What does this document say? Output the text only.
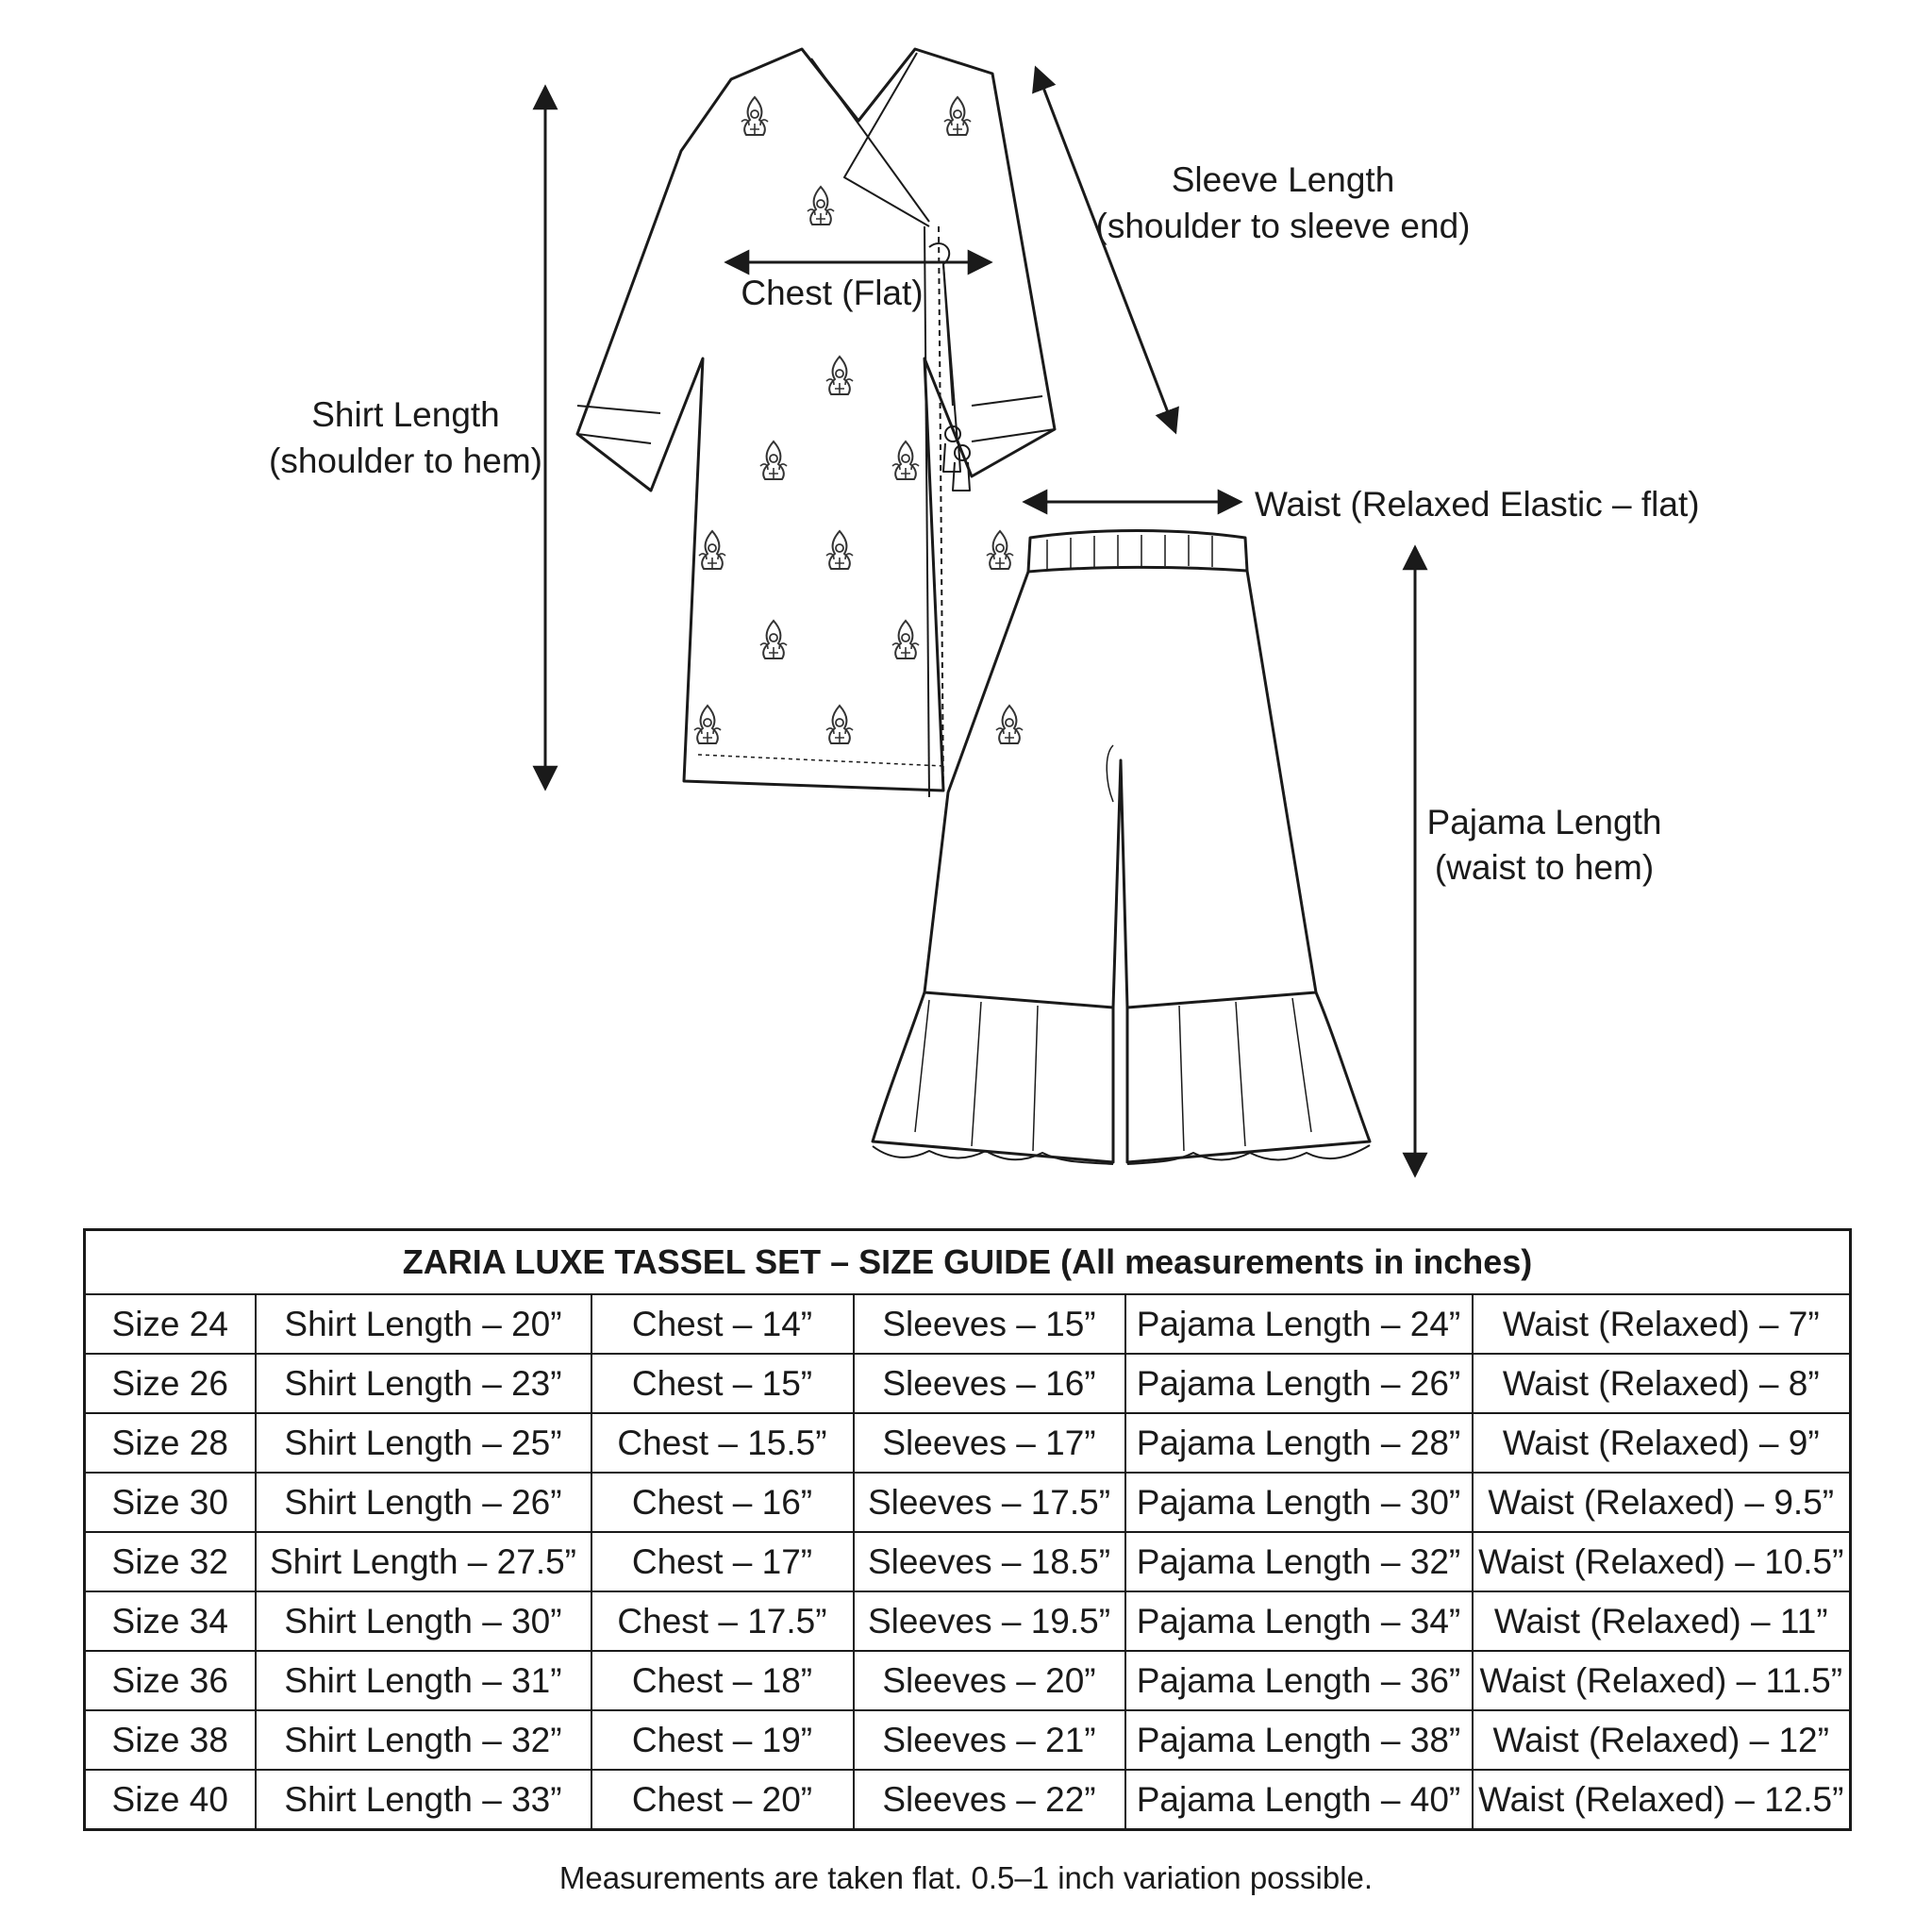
Sleeve Length
(shoulder to sleeve end)
Chest (Flat)
Shirt Length
(shoulder to hem)
Waist (Relaxed Elastic – flat)
Pajama Length
(waist to hem)
ZARIA LUXE TASSEL SET – SIZE GUIDE (All measurements in inches)					
Size 24	Shirt Length – 20”	Chest – 14”	Sleeves – 15”	Pajama Length – 24”	Waist (Relaxed) – 7”
Size 26	Shirt Length – 23”	Chest – 15”	Sleeves – 16”	Pajama Length – 26”	Waist (Relaxed) – 8”
Size 28	Shirt Length – 25”	Chest – 15.5”	Sleeves – 17”	Pajama Length – 28”	Waist (Relaxed) – 9”
Size 30	Shirt Length – 26”	Chest – 16”	Sleeves – 17.5”	Pajama Length – 30”	Waist (Relaxed) – 9.5”
Size 32	Shirt Length – 27.5”	Chest – 17”	Sleeves – 18.5”	Pajama Length – 32”	Waist (Relaxed) – 10.5”
Size 34	Shirt Length – 30”	Chest – 17.5”	Sleeves – 19.5”	Pajama Length – 34”	Waist (Relaxed) – 11”
Size 36	Shirt Length – 31”	Chest – 18”	Sleeves – 20”	Pajama Length – 36”	Waist (Relaxed) – 11.5”
Size 38	Shirt Length – 32”	Chest – 19”	Sleeves – 21”	Pajama Length – 38”	Waist (Relaxed) – 12”
Size 40	Shirt Length – 33”	Chest – 20”	Sleeves – 22”	Pajama Length – 40”	Waist (Relaxed) – 12.5”
Measurements are taken flat. 0.5–1 inch variation possible.
